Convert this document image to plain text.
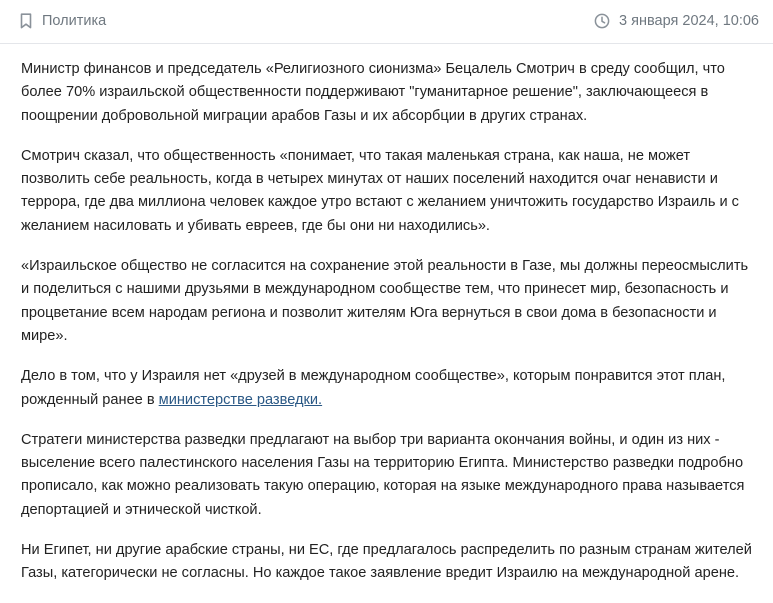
Политика	3 января 2024, 10:06

Министр финансов и председатель «Религиозного сионизма» Бецалель Смотрич в среду сообщил, что более 70% израильской общественности поддерживают "гуманитарное решение", заключающееся в поощрении добровольной миграции арабов Газы и их абсорбции в других странах.

Смотрич сказал, что общественность «понимает, что такая маленькая страна, как наша, не может позволить себе реальность, когда в четырех минутах от наших поселений находится очаг ненависти и террора, где два миллиона человек каждое утро встают с желанием уничтожить государство Израиль и с желанием насиловать и убивать евреев, где бы они ни находились».

«Израильское общество не согласится на сохранение этой реальности в Газе, мы должны переосмыслить и поделиться с нашими друзьями в международном сообществе тем, что принесет мир, безопасность и процветание всем народам региона и позволит жителям Юга вернуться в свои дома в безопасности и мире».

Дело в том, что у Израиля нет «друзей в международном сообществе», которым понравится этот план, рожденный ранее в министерстве разведки.

Стратеги министерства разведки предлагают на выбор три варианта окончания войны, и один из них - выселение всего палестинского населения Газы на территорию Египта. Министерство разведки подробно прописало, как можно реализовать такую операцию, которая на языке международного права называется депортацией и этнической чисткой.

Ни Египет, ни другие арабские страны, ни ЕС, где предлагалось распределить по разным странам жителей Газы, категорически не согласны. Но каждое такое заявление вредит Израилю на международной арене.
